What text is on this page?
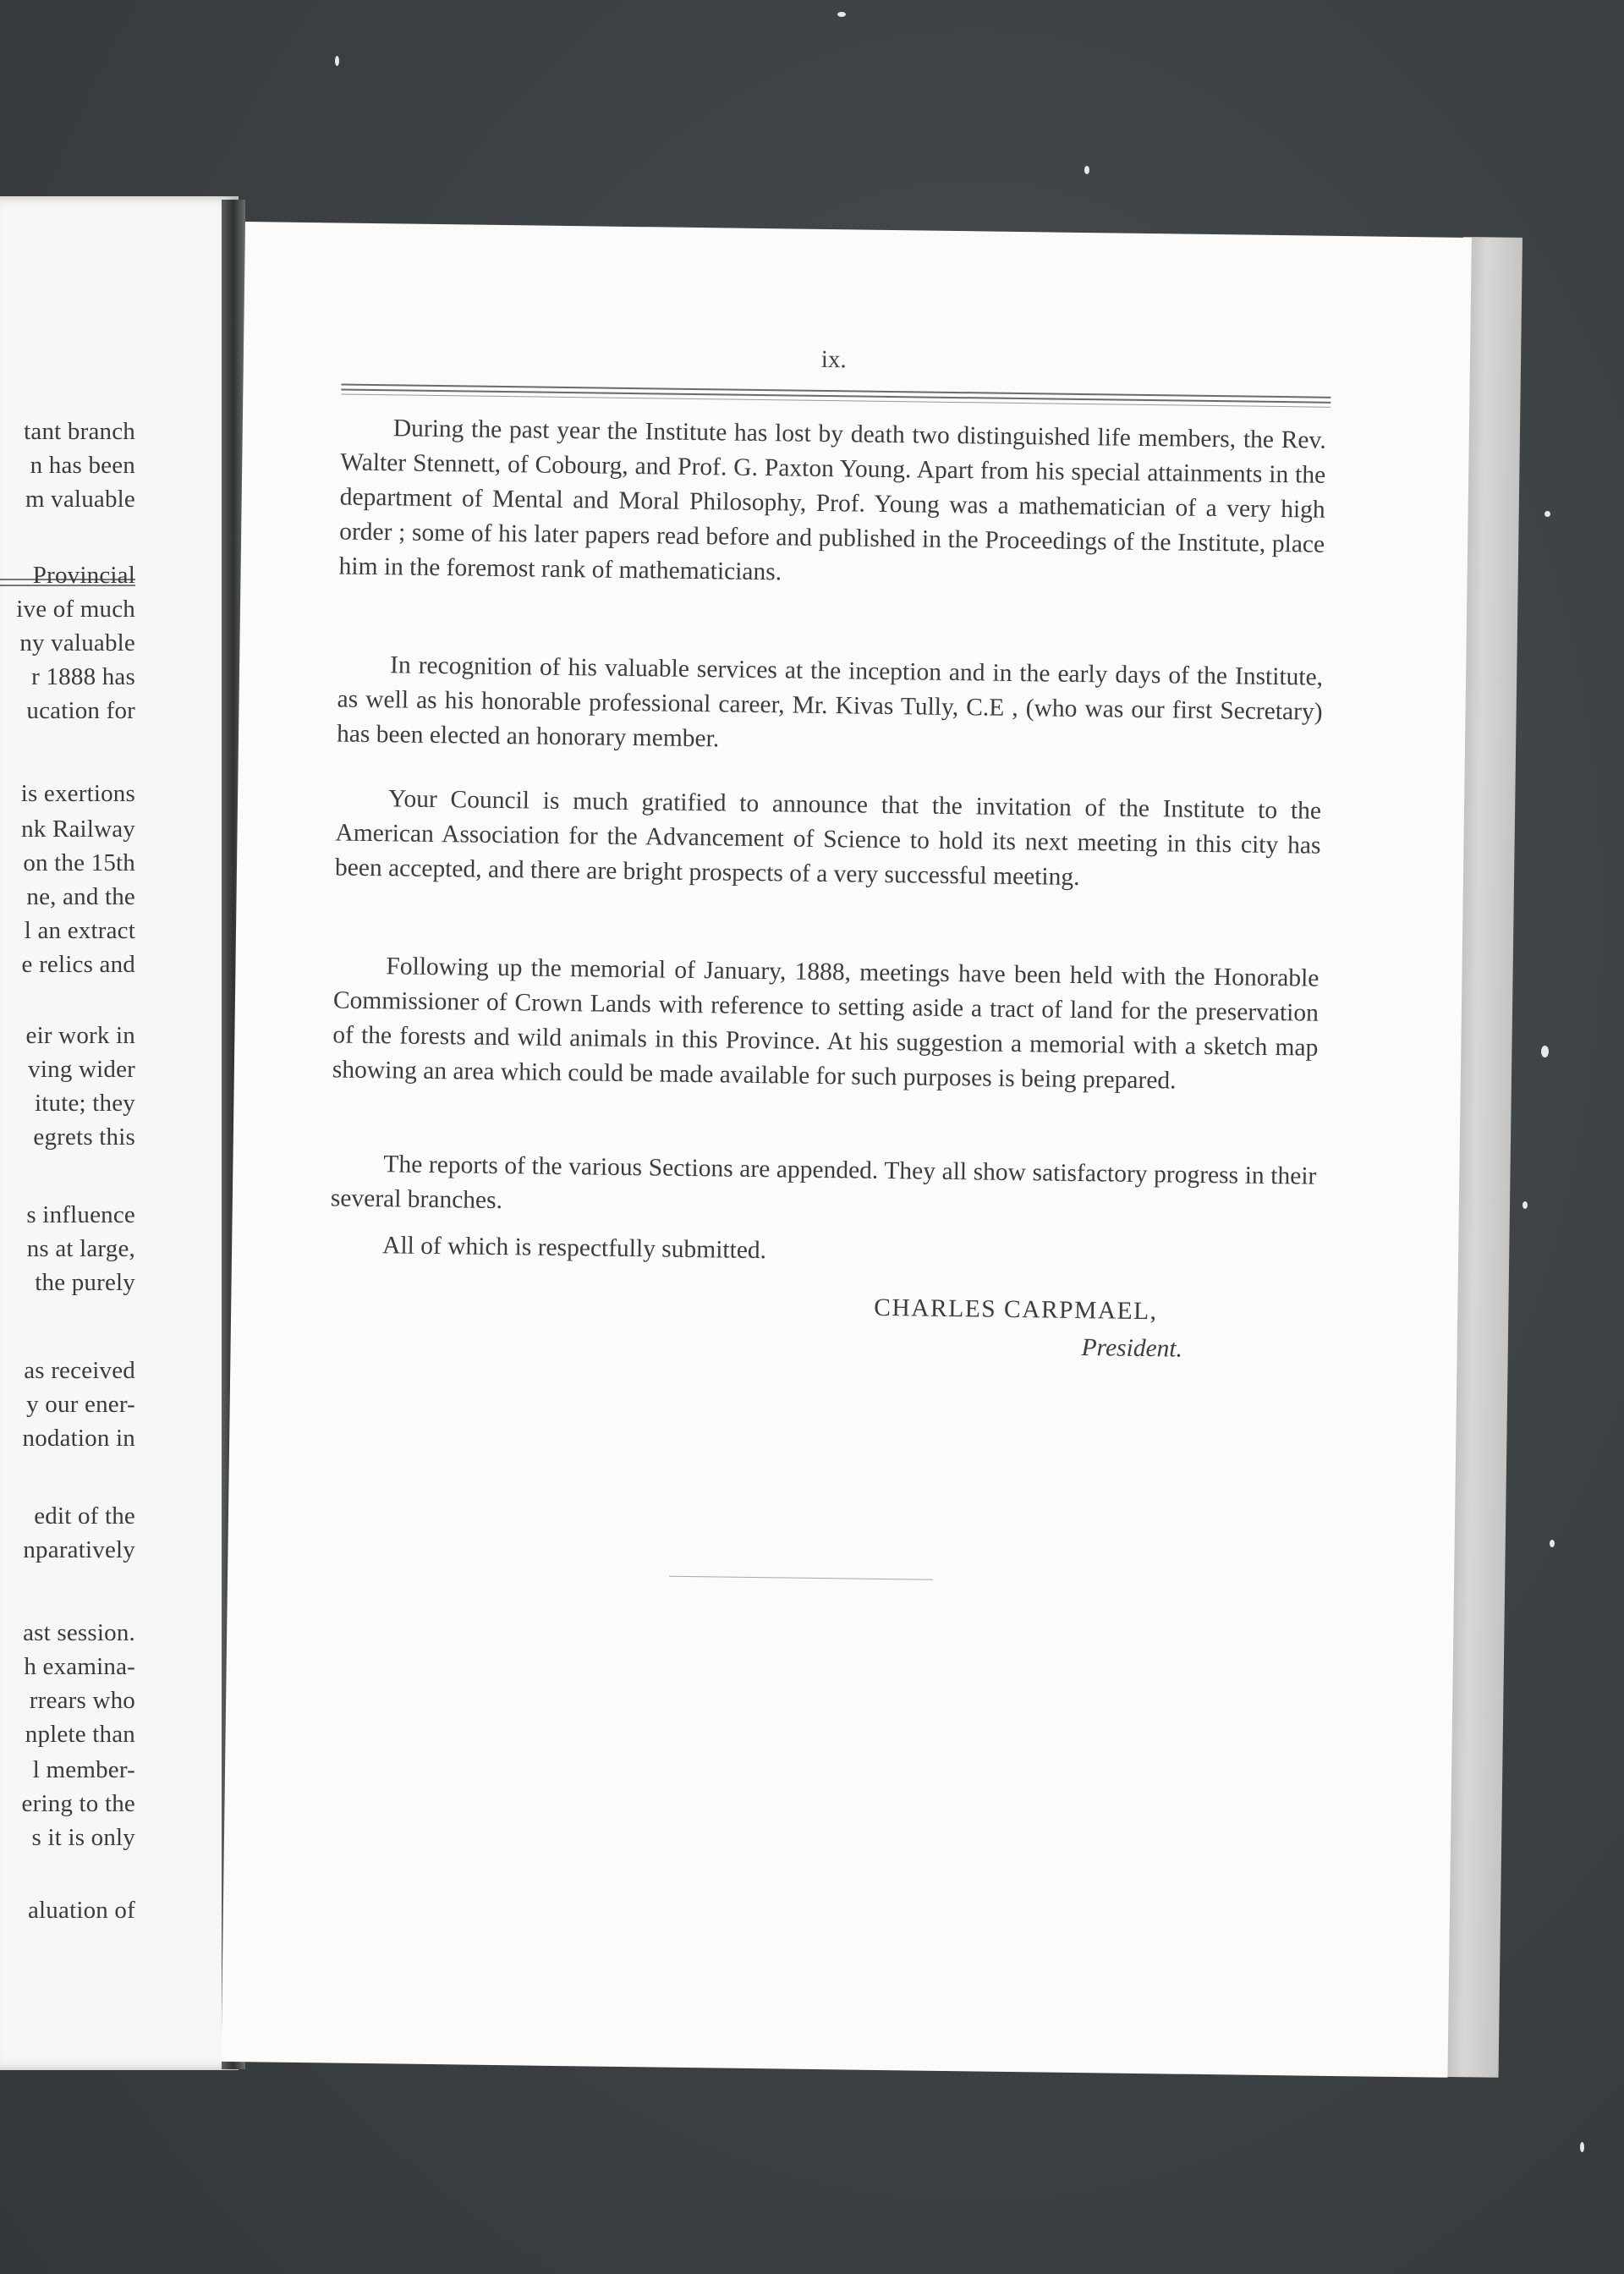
tant branch
n has been
m valuable
Provincial
ive of much
ny valuable
r 1888 has
ucation for
is exertions
nk Railway
on the 15th
ne, and the
l an extract
e relics and
eir work in
ving wider
itute; they
egrets this
s influence
ns at large,
the purely
as received
y our ener-
nodation in
edit of the
nparatively
ast session.
h examina-
rrears who
nplete than
l member-
ering to the
s it is only
aluation of
ix.

During the past year the Institute has lost by death two distinguished life members, the Rev. Walter Stennett, of Cobourg, and Prof. G. Paxton Young. Apart from his special attainments in the department of Mental and Moral Philosophy, Prof. Young was a mathematician of a very high order ; some of his later papers read before and published in the Proceedings of the Institute, place him in the foremost rank of mathematicians.

In recognition of his valuable services at the inception and in the early days of the Institute, as well as his honorable professional career, Mr. Kivas Tully, C.E , (who was our first Secretary) has been elected an honorary member.

Your Council is much gratified to announce that the invitation of the Institute to the American Association for the Advancement of Science to hold its next meeting in this city has been accepted, and there are bright prospects of a very successful meeting.

Following up the memorial of January, 1888, meetings have been held with the Honorable Commissioner of Crown Lands with reference to setting aside a tract of land for the preservation of the forests and wild animals in this Province. At his suggestion a memorial with a sketch map showing an area which could be made available for such purposes is being prepared.

The reports of the various Sections are appended. They all show satisfactory progress in their several branches.

All of which is respectfully submitted.
CHARLES CARPMAEL,
President.
